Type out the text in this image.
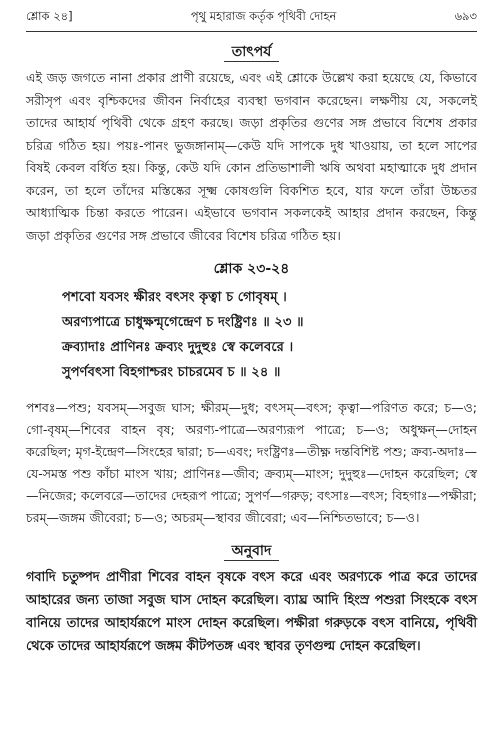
শ্লোক ২৪]	পৃথু মহারাজ কর্তৃক পৃথিবী দোহন	৬৯৩
তাৎপর্য

এই জড় জগতে নানা প্রকার প্রাণী রয়েছে, এবং এই শ্লোকে উল্লেখ করা হয়েছে যে, কিভাবে সরীসৃপ এবং বৃশ্চিকদের জীবন নির্বাহের ব্যবস্থা ভগবান করেছেন। লক্ষণীয় যে, সকলেই তাদের আহার্য পৃথিবী থেকে গ্রহণ করছে। জড়া প্রকৃতির গুণের সঙ্গ প্রভাবে বিশেষ প্রকার চরিত্র গঠিত হয়। পয়ঃ-পানং ভুজঙ্গানাম্—কেউ যদি সাপকে দুধ খাওয়ায়, তা হলে সাপের বিষই কেবল বর্ধিত হয়। কিন্তু, কেউ যদি কোন প্রতিভাশালী ঋষি অথবা মহাত্মাকে দুধ প্রদান করেন, তা হলে তাঁদের মস্তিষ্কের সূক্ষ্ম কোষগুলি বিকশিত হবে, যার ফলে তাঁরা উচ্চতর আধ্যাত্মিক চিন্তা করতে পারেন। এইভাবে ভগবান সকলকেই আহার প্রদান করছেন, কিন্তু জড়া প্রকৃতির গুণের সঙ্গ প্রভাবে জীবের বিশেষ চরিত্র গঠিত হয়।

শ্লোক ২৩-২৪
পশবো যবসং ক্ষীরং বৎসং কৃত্বা চ গোবৃষম্‌ ।
অরণ্যপাত্রে চাধুক্ষন্মৃগেন্দ্রেণ চ দংষ্ট্রিণঃ ॥ ২৩ ॥
ক্রব্যাদাঃ প্রাণিনঃ ক্রব্যং দুদুহুঃ স্বে কলেবরে ।
সুপর্ণবৎসা বিহগাশ্চরং চাচরমেব চ ॥ ২৪ ॥

পশবঃ—পশু; যবসম্‌—সবুজ ঘাস; ক্ষীরম্‌—দুধ; বৎসম্‌—বৎস; কৃত্বা—পরিণত করে; চ—ও; গো-বৃষম্‌—শিবের বাহন বৃষ; অরণ্য-পাত্রে—অরণ্যরূপ পাত্রে; চ—ও; অধুক্ষন্‌—দোহন করেছিল; মৃগ-ইন্দ্রেণ—সিংহের দ্বারা; চ—এবং; দংষ্ট্রিণঃ—তীক্ষ্ণ দন্তবিশিষ্ট পশু; ক্রব্য-অদাঃ—যে-সমস্ত পশু কাঁচা মাংস খায়; প্রাণিনঃ—জীব; ক্রব্যম্‌—মাংস; দুদুহুঃ—দোহন করেছিল; স্বে—নিজের; কলেবরে—তাদের দেহরূপ পাত্রে; সুপর্ণ—গরুড়; বৎসাঃ—বৎস; বিহগাঃ—পক্ষীরা; চরম্‌—জঙ্গম জীবেরা; চ—ও; অচরম্‌—স্থাবর জীবেরা; এব—নিশ্চিতভাবে; চ—ও।

অনুবাদ

গবাদি চতুষ্পদ প্রাণীরা শিবের বাহন বৃষকে বৎস করে এবং অরণ্যকে পাত্র করে তাদের আহারের জন্য তাজা সবুজ ঘাস দোহন করেছিল। ব্যাঘ্র আদি হিংস্র পশুরা সিংহকে বৎস বানিয়ে তাদের আহার্যরূপে মাংস দোহন করেছিল। পক্ষীরা গরুড়কে বৎস বানিয়ে, পৃথিবী থেকে তাদের আহার্যরূপে জঙ্গম কীটপতঙ্গ এবং স্থাবর তৃণগুল্ম দোহন করেছিল।
